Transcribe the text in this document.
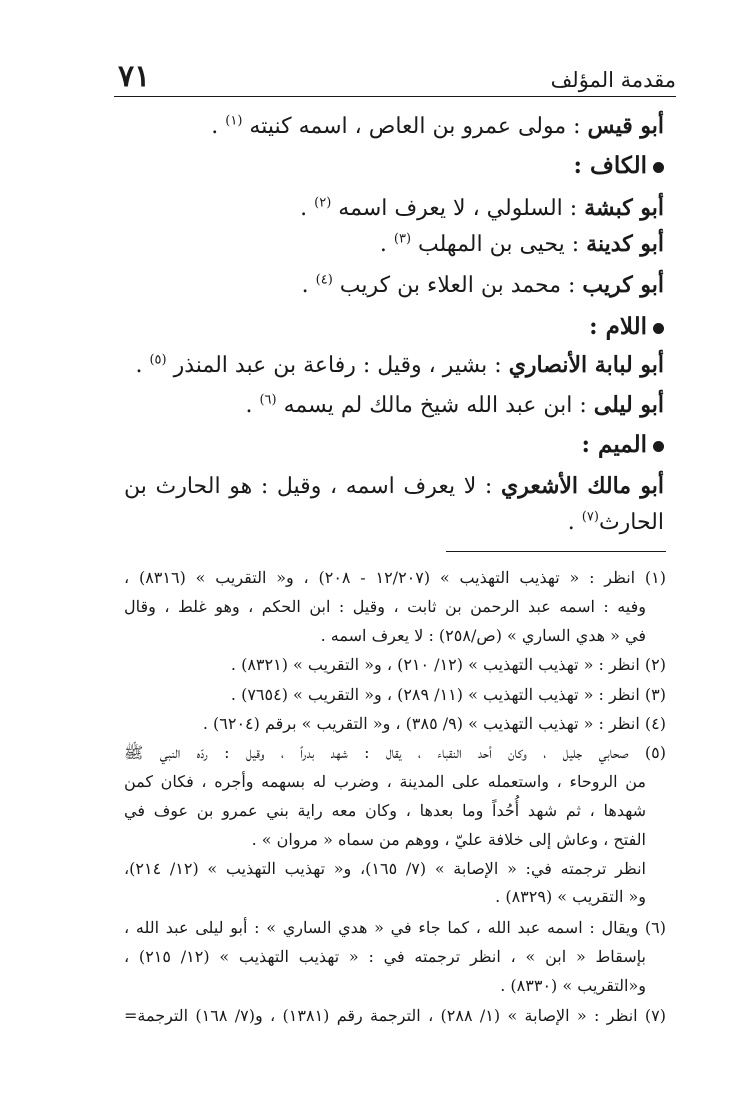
٧١	مقدمة المؤلف
أبو قيس : مولى عمرو بن العاص ، اسمه كنيته $^{(١)}$ .
الكاف :
أبو كبشة : السلولي ، لا يعرف اسمه $^{(٢)}$ .
أبو كدينة : يحيى بن المهلب $^{(٣)}$ .
أبو كريب : محمد بن العلاء بن كريب $^{(٤)}$ .
اللام :
أبو لبابة الأنصاري : بشير ، وقيل : رفاعة بن عبد المنذر $^{(٥)}$ .
أبو ليلى : ابن عبد الله شيخ مالك لم يسمه $^{(٦)}$ .
الميم :
أبو مالك الأشعري : لا يعرف اسمه ، وقيل : هو الحارث بن
الحارث$^{(٧)}$ .
(١) انظر : « تهذيب التهذيب » (١٢/٢٠٧ - ٢٠٨) ، و« التقريب » (٨٣١٦) ،
وفيه : اسمه عبد الرحمن بن ثابت ، وقيل : ابن الحكم ، وهو غلط ، وقال
في « هدي الساري » (ص/٢٥٨) : لا يعرف اسمه .
(٢) انظر : « تهذيب التهذيب » (١٢/ ٢١٠) ، و« التقريب » (٨٣٢١) .
(٣) انظر : « تهذيب التهذيب » (١١/ ٢٨٩) ، و« التقريب » (٧٦٥٤) .
(٤) انظر : « تهذيب التهذيب » (٩/ ٣٨٥) ، و« التقريب » برقم (٦٢٠٤) .
(٥) صحابي جليل ، وكان أحد النقباء ، يقال : شهد بدراً ، وقيل : ردّه النبي ﷺ
من الروحاء ، واستعمله على المدينة ، وضرب له بسهمه وأجره ، فكان كمن
شهدها ، ثم شهد أُحُداً وما بعدها ، وكان معه راية بني عمرو بن عوف في
الفتح ، وعاش إلى خلافة عليّ ، ووهم من سماه « مروان » .
انظر ترجمته في: « الإصابة » (٧/ ١٦٥)، و« تهذيب التهذيب » (١٢/ ٢١٤)،
و« التقريب » (٨٣٢٩) .
(٦) ويقال : اسمه عبد الله ، كما جاء في « هدي الساري » : أبو ليلى عبد الله ،
بإسقاط « ابن » ، انظر ترجمته في : « تهذيب التهذيب » (١٢/ ٢١٥) ،
و«التقريب » (٨٣٣٠) .
(٧) انظر : « الإصابة » (١/ ٢٨٨) ، الترجمة رقم (١٣٨١) ، و(٧/ ١٦٨) الترجمة=
